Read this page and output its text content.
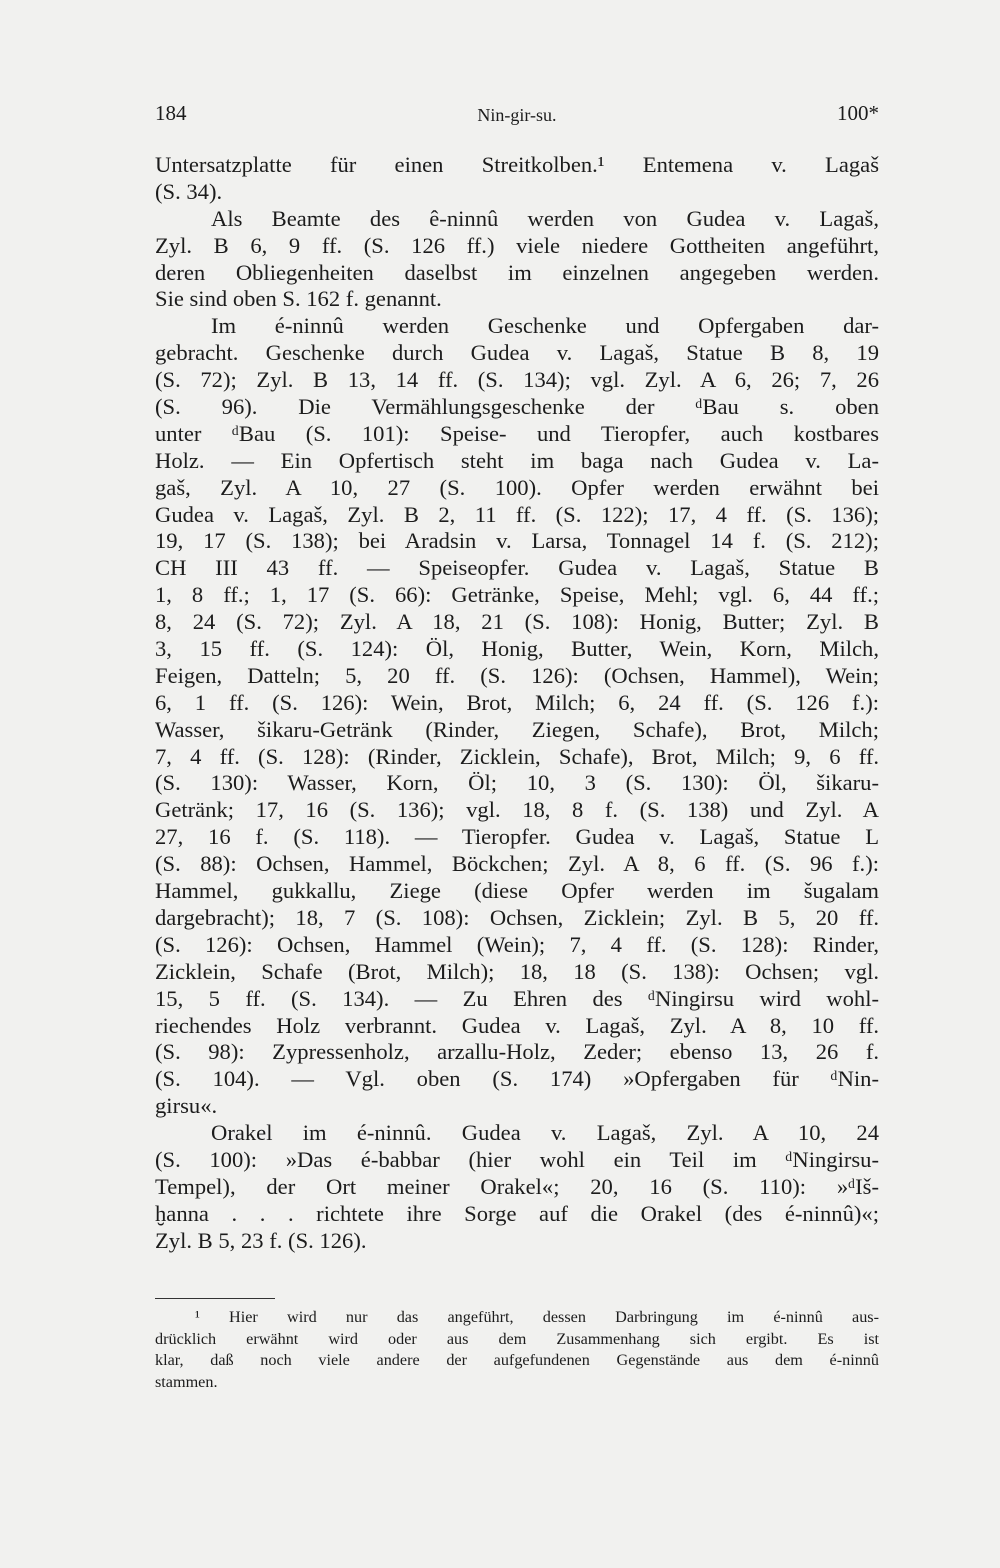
184	Nin-gir-su.	100*
Untersatzplatte für einen Streitkolben.¹ Entemena v. Lagaš
(S. 34).
Als Beamte des ê-ninnû werden von Gudea v. Lagaš,
Zyl. B 6, 9 ff. (S. 126 ff.) viele niedere Gottheiten angeführt,
deren Obliegenheiten daselbst im einzelnen angegeben werden.
Sie sind oben S. 162 f. genannt.
Im é-ninnû werden Geschenke und Opfergaben dar-
gebracht. Geschenke durch Gudea v. Lagaš, Statue B 8, 19
(S. 72); Zyl. B 13, 14 ff. (S. 134); vgl. Zyl. A 6, 26; 7, 26
(S. 96). Die Vermählungsgeschenke der ᵈBau s. oben
unter ᵈBau (S. 101): Speise- und Tieropfer, auch kostbares
Holz. — Ein Opfertisch steht im baga nach Gudea v. La-
gaš, Zyl. A 10, 27 (S. 100). Opfer werden erwähnt bei
Gudea v. Lagaš, Zyl. B 2, 11 ff. (S. 122); 17, 4 ff. (S. 136);
19, 17 (S. 138); bei Aradsin v. Larsa, Tonnagel 14 f. (S. 212);
CH III 43 ff. — Speiseopfer. Gudea v. Lagaš, Statue B
1, 8 ff.; 1, 17 (S. 66): Getränke, Speise, Mehl; vgl. 6, 44 ff.;
8, 24 (S. 72); Zyl. A 18, 21 (S. 108): Honig, Butter; Zyl. B
3, 15 ff. (S. 124): Öl, Honig, Butter, Wein, Korn, Milch,
Feigen, Datteln; 5, 20 ff. (S. 126): (Ochsen, Hammel), Wein;
6, 1 ff. (S. 126): Wein, Brot, Milch; 6, 24 ff. (S. 126 f.):
Wasser, šikaru-Getränk (Rinder, Ziegen, Schafe), Brot, Milch;
7, 4 ff. (S. 128): (Rinder, Zicklein, Schafe), Brot, Milch; 9, 6 ff.
(S. 130): Wasser, Korn, Öl; 10, 3 (S. 130): Öl, šikaru-
Getränk; 17, 16 (S. 136); vgl. 18, 8 f. (S. 138) und Zyl. A
27, 16 f. (S. 118). — Tieropfer. Gudea v. Lagaš, Statue L
(S. 88): Ochsen, Hammel, Böckchen; Zyl. A 8, 6 ff. (S. 96 f.):
Hammel, gukkallu, Ziege (diese Opfer werden im šugalam
dargebracht); 18, 7 (S. 108): Ochsen, Zicklein; Zyl. B 5, 20 ff.
(S. 126): Ochsen, Hammel (Wein); 7, 4 ff. (S. 128): Rinder,
Zicklein, Schafe (Brot, Milch); 18, 18 (S. 138): Ochsen; vgl.
15, 5 ff. (S. 134). — Zu Ehren des ᵈNingirsu wird wohl-
riechendes Holz verbrannt. Gudea v. Lagaš, Zyl. A 8, 10 ff.
(S. 98): Zypressenholz, arzallu-Holz, Zeder; ebenso 13, 26 f.
(S. 104). — Vgl. oben (S. 174) »Opfergaben für ᵈNin-
girsu«.
Orakel im é-ninnû. Gudea v. Lagaš, Zyl. A 10, 24
(S. 100): »Das é-babbar (hier wohl ein Teil im ᵈNingirsu-
Tempel), der Ort meiner Orakel«; 20, 16 (S. 110): »ᵈIš-
ḫanna . . . richtete ihre Sorge auf die Orakel (des é-ninnû)«;
Zyl. B 5, 23 f. (S. 126).
¹ Hier wird nur das angeführt, dessen Darbringung im é-ninnû aus-
drücklich erwähnt wird oder aus dem Zusammenhang sich ergibt. Es ist
klar, daß noch viele andere der aufgefundenen Gegenstände aus dem é-ninnû
stammen.
